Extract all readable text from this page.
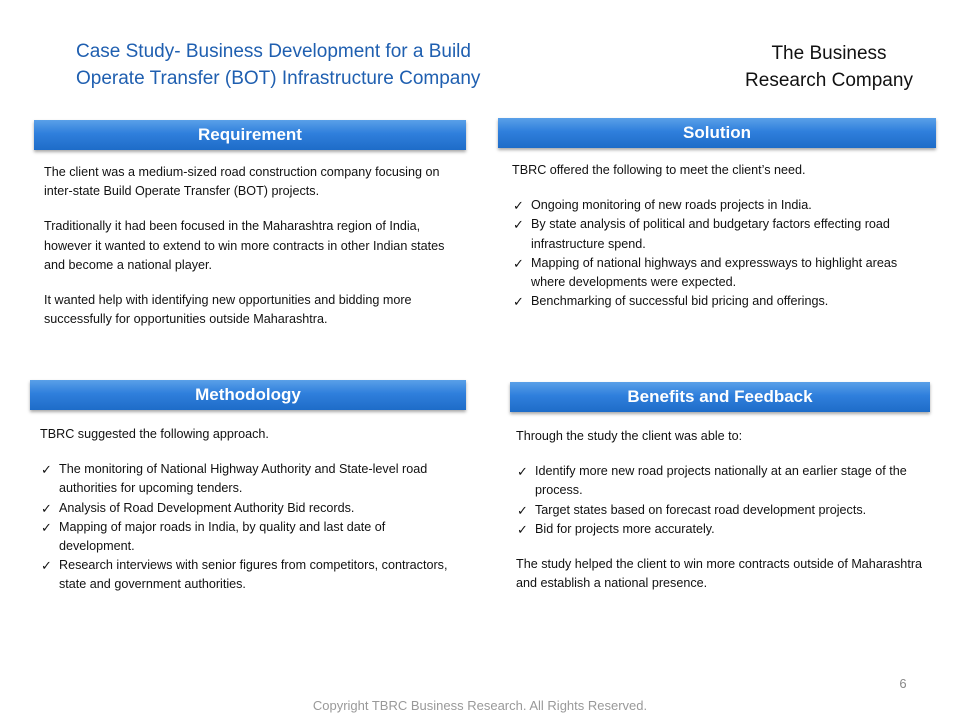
Case Study- Business Development for a Build
Operate Transfer (BOT) Infrastructure Company
The Business
Research Company
Requirement

The client was a medium-sized road construction company focusing on inter-state Build Operate Transfer (BOT) projects.

Traditionally it had been focused in the Maharashtra region of India, however it wanted to extend to win more contracts in other Indian states and become a national player.

It wanted help with identifying new opportunities and bidding more successfully for opportunities outside Maharashtra.

Solution

TBRC offered the following to meet the client’s need.

✓ Ongoing monitoring of new roads projects in India.
✓ By state analysis of political and budgetary factors effecting road infrastructure spend.
✓ Mapping of national highways and expressways to highlight areas where developments were expected.
✓ Benchmarking of successful bid pricing and offerings.
Methodology

TBRC suggested the following approach.

✓ The monitoring of National Highway Authority and State-level road authorities for upcoming tenders.
✓ Analysis of Road Development Authority Bid records.
✓ Mapping of major roads in India, by quality and last date of development.
✓ Research interviews with senior figures from competitors, contractors, state and government authorities.
Benefits and Feedback

Through the study the client was able to:

✓ Identify more new road projects nationally at an earlier stage of the process.
✓ Target states based on forecast road development projects.
✓ Bid for projects more accurately.

The study helped the client to win more contracts outside of Maharashtra and establish a national presence.

6
Copyright TBRC Business Research. All Rights Reserved.
